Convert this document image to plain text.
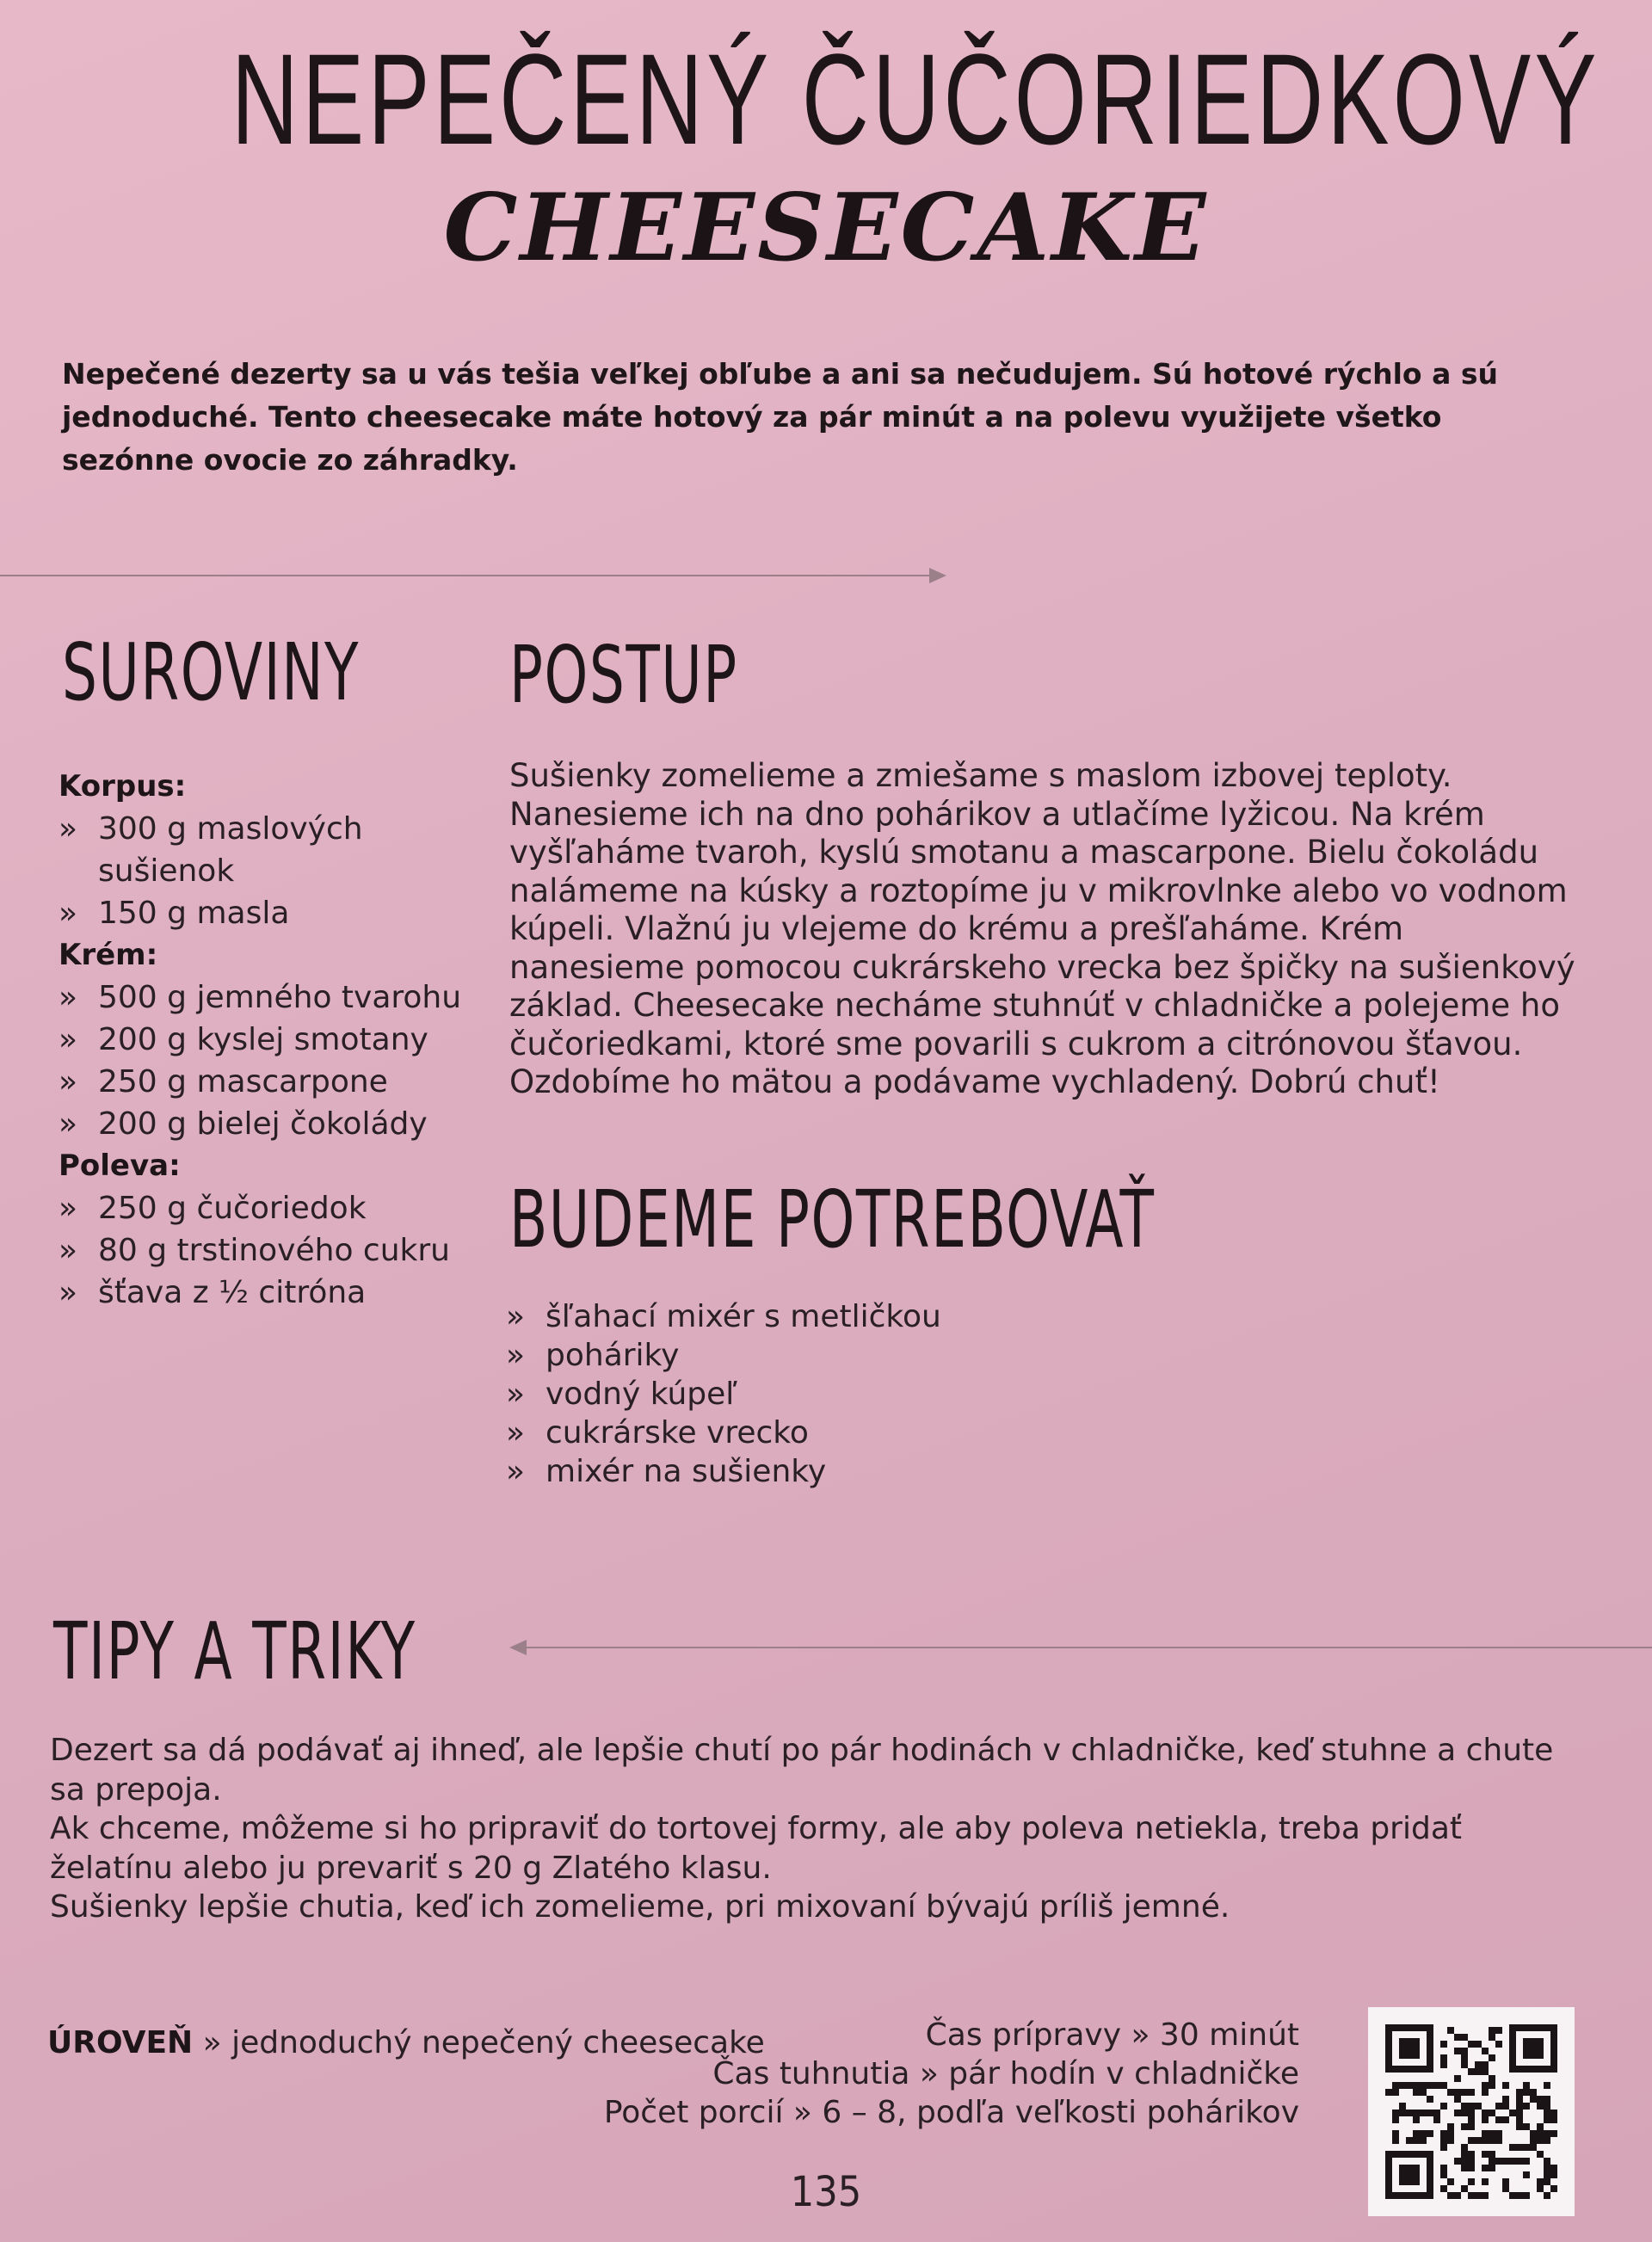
NEPEČENÝ ČUČORIEDKOVÝ
CHEESECAKE
Nepečené dezerty sa u vás tešia veľkej obľube a ani sa nečudujem. Sú hotové rýchlo a sú jednoduché. Tento cheesecake máte hotový za pár minút a na polevu využijete všetko sezónne ovocie zo záhradky.
SUROVINY
Korpus:
» 300 g maslových sušienok
» 150 g masla
Krém:
» 500 g jemného tvarohu
» 200 g kyslej smotany
» 250 g mascarpone
» 200 g bielej čokolády
Poleva:
» 250 g čučoriedok
» 80 g trstinového cukru
» šťava z ½ citróna
POSTUP
Sušienky zomelieme a zmiešame s maslom izbovej teploty. Nanesieme ich na dno pohárikov a utlačíme lyžicou. Na krém vyšľaháme tvaroh, kyslú smotanu a mascarpone. Bielu čokoládu nalámeme na kúsky a roztopíme ju v mikrovlnke alebo vo vodnom kúpeli. Vlažnú ju vlejeme do krému a prešľaháme. Krém nanesieme pomocou cukrárskeho vrecka bez špičky na sušienkový základ. Cheesecake necháme stuhnúť v chladničke a polejeme ho čučoriedkami, ktoré sme povarili s cukrom a citrónovou šťavou. Ozdobíme ho mätou a podávame vychladený. Dobrú chuť!
BUDEME POTREBOVAŤ
» šľahací mixér s metličkou
» poháriky
» vodný kúpeľ
» cukrárske vrecko
» mixér na sušienky
TIPY A TRIKY

Dezert sa dá podávať aj ihneď, ale lepšie chutí po pár hodinách v chladničke, keď stuhne a chute sa prepoja.

Ak chceme, môžeme si ho pripraviť do tortovej formy, ale aby poleva netiekla, treba pridať želatínu alebo ju prevariť s 20 g Zlatého klasu.

Sušienky lepšie chutia, keď ich zomelieme, pri mixovaní bývajú príliš jemné.

ÚROVEŇ » jednoduchý nepečený cheesecake	Čas prípravy » 30 minút
Čas tuhnutia » pár hodín v chladničke
Počet porcií » 6 – 8, podľa veľkosti pohárikov
135
